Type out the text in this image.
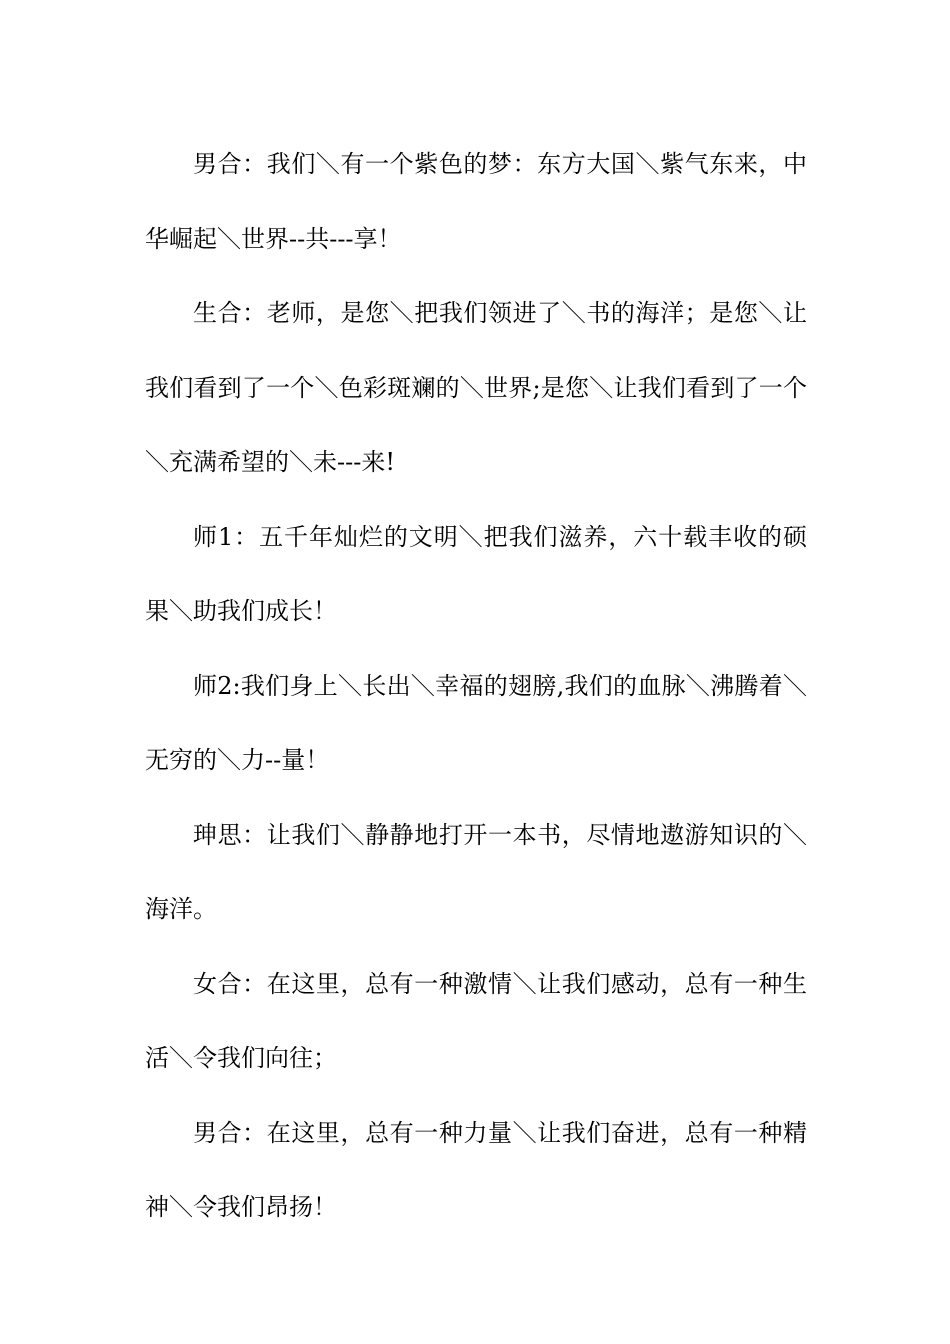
男合：我们＼有一个紫色的梦：东方大国＼紫气东来，中华崛起＼世界--共---享！

生合：老师，是您＼把我们领进了＼书的海洋；是您＼让我们看到了一个＼色彩斑斓的＼世界;是您＼让我们看到了一个＼充满希望的＼未---来!

师1：五千年灿烂的文明＼把我们滋养，六十载丰收的硕果＼助我们成长！

师2:我们身上＼长出＼幸福的翅膀,我们的血脉＼沸腾着＼无穷的＼力--量！

珅思：让我们＼静静地打开一本书，尽情地遨游知识的＼海洋。

女合：在这里，总有一种激情＼让我们感动，总有一种生活＼令我们向往；

男合：在这里，总有一种力量＼让我们奋进，总有一种精神＼令我们昂扬！
